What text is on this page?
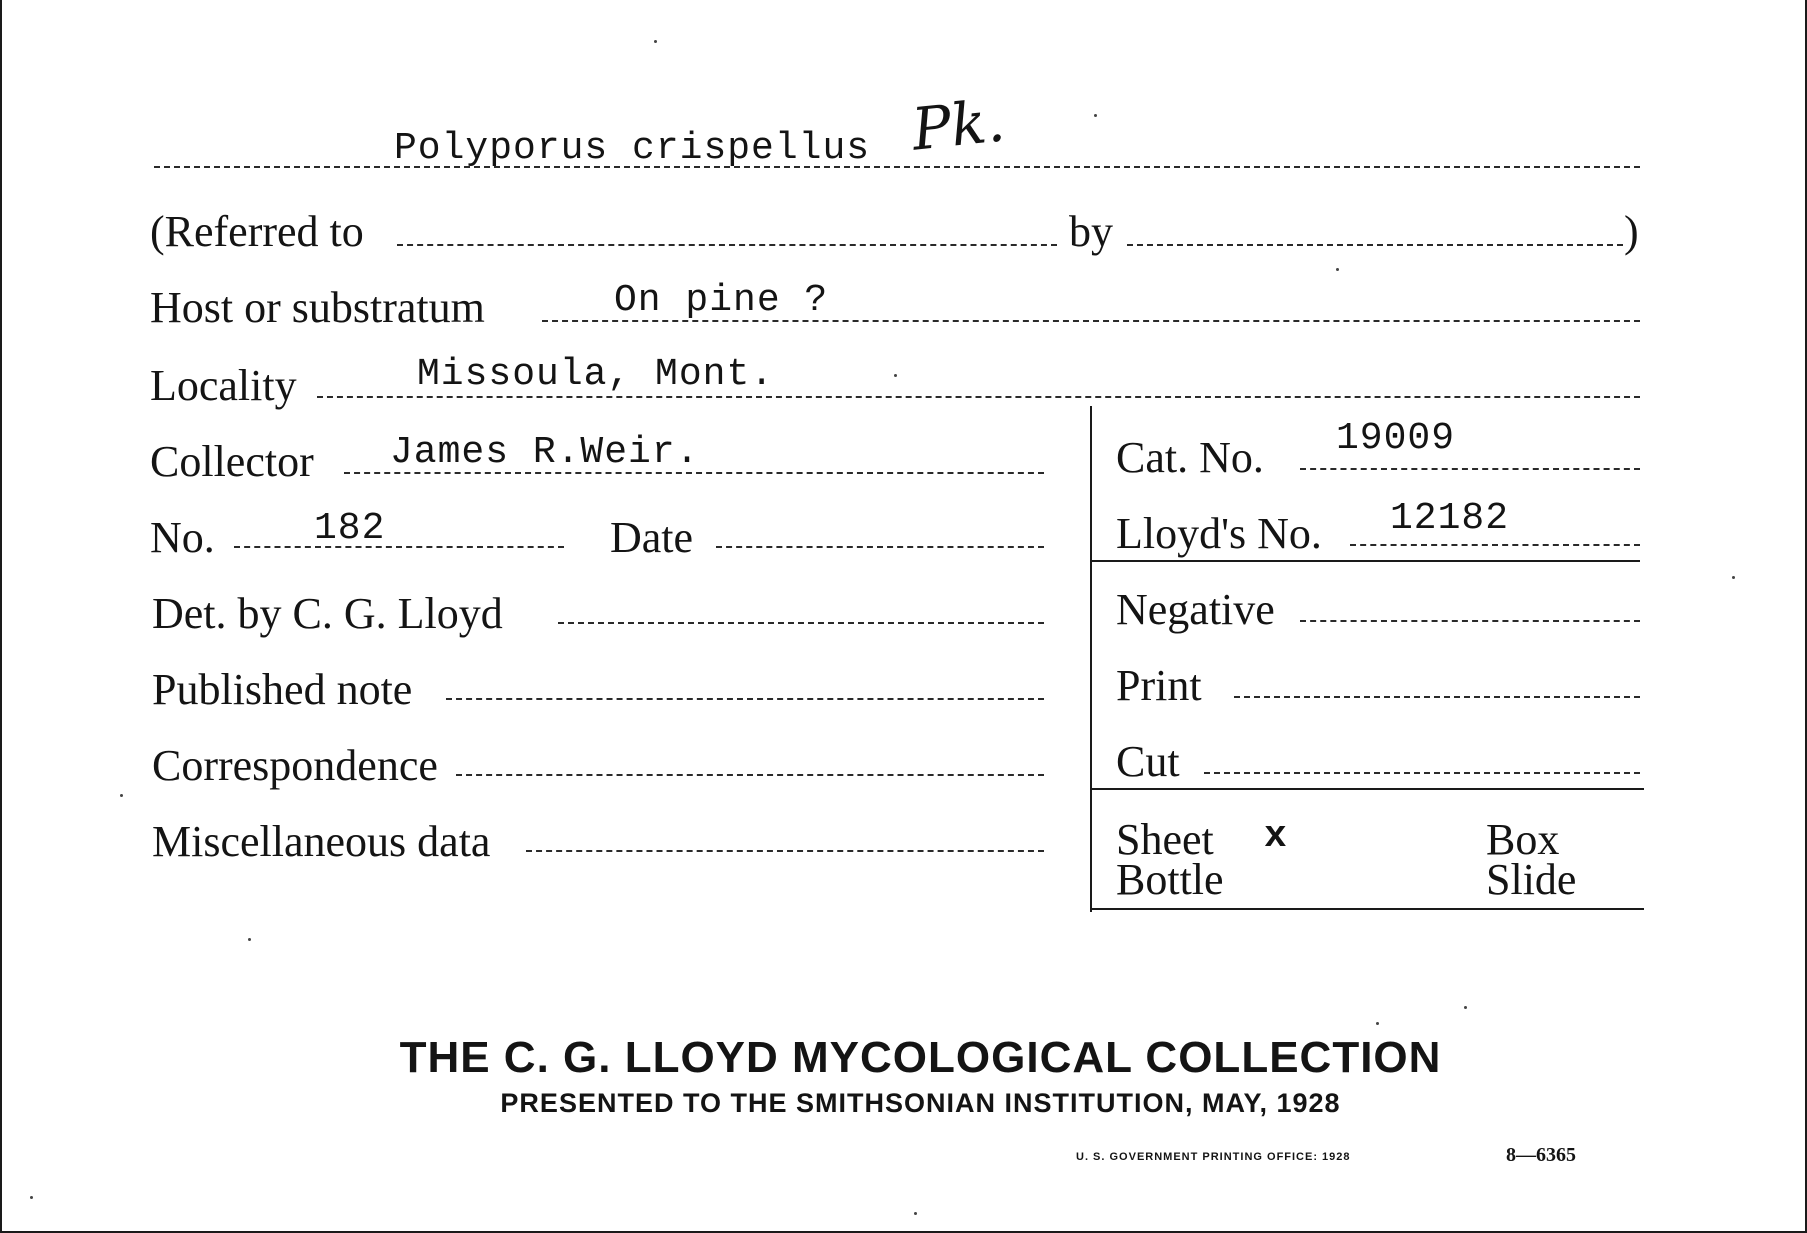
Polyporus crispellus Pk.
(Referred to	by	)
Host or substratum	On pine ?
Locality	Missoula, Mont.
Collector James R.Weir.	Cat. No. 19009
No.	182	Date	Lloyd's No. 12182
Det. by C. G. Lloyd	Negative
Published note	Print
Correspondence	Cut
Miscellaneous data	Sheet x	Box
Bottle	Slide
THE C. G. LLOYD MYCOLOGICAL COLLECTION
PRESENTED TO THE SMITHSONIAN INSTITUTION, MAY, 1928
U. S. GOVERNMENT PRINTING OFFICE: 1928	8—6365
